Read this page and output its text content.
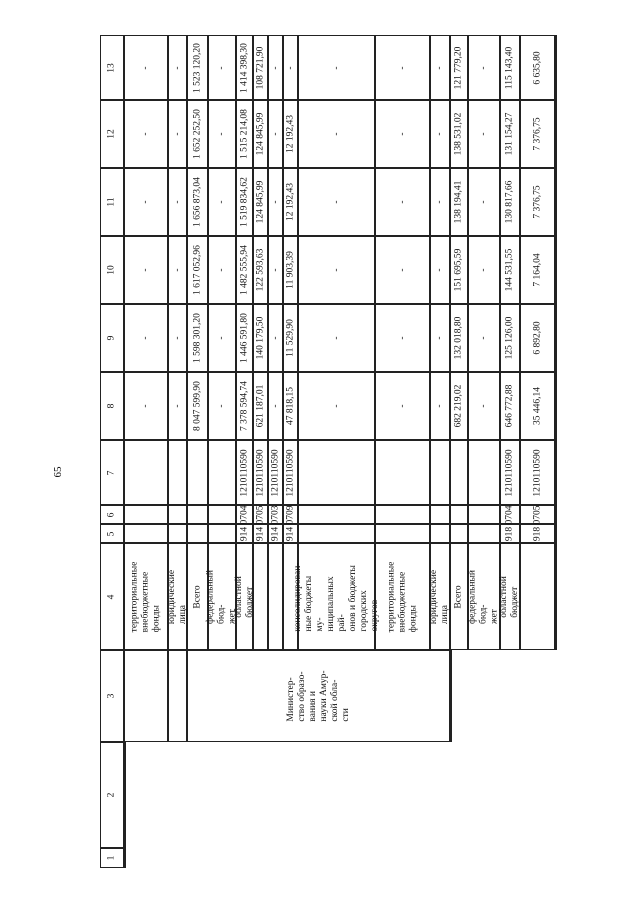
65
1
2
3
4
5
6
7
8
9
10
11
12
13
территориальные
внебюджетные
фонды
-
-
-
-
-
-
юридические лица
-
-
-
-
-
-
Всего
8 047 599,90
1 598 301,20
1 617 052,96
1 656 873,04
1 652 252,50
1 523 120,20
федеральный бюд-
жет
-
-
-
-
-
-
областной бюджет
914
0704
1210110590
7 378 594,74
1 446 591,80
1 482 555,94
1 519 834,62
1 515 214,08
1 414 398,30
914
0705
1210110590
621 187,01
140 179,50
122 593,63
124 845,99
124 845,99
108 721,90
914
0703
1210110590
-
-
-
-
-
-
914
0709
1210110590
47 818,15
11 529,90
11 903,39
12 192,43
12 192,43
-
консолидирован-
ные бюджеты му-
ниципальных рай-
онов и бюджеты
городских округов
-
-
-
-
-
-
территориальные
внебюджетные
фонды
-
-
-
-
-
-
юридические лица
-
-
-
-
-
-
Всего
682 219,02
132 018,80
151 695,59
138 194,41
138 531,02
121 779,20
федеральный бюд-
жет
-
-
-
-
-
-
областной бюджет
918
0704
1210110590
646 772,88
125 126,00
144 531,55
130 817,66
131 154,27
115 143,40
918
0705
1210110590
35 446,14
6 892,80
7 164,04
7 376,75
7 376,75
6 635,80

ные бюджеты
Министер-
ство образо-
вания и
науки Амур-
ской обла-
сти
